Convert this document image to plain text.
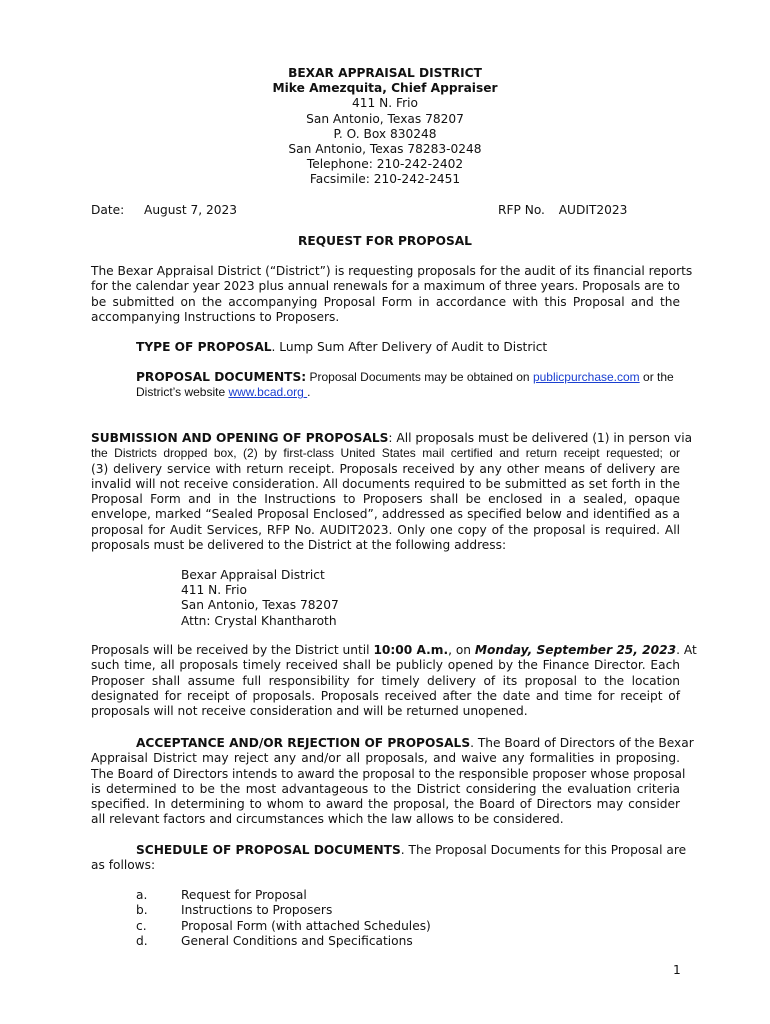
BEXAR APPRAISAL DISTRICT
Mike Amezquita, Chief Appraiser
411 N. Frio
San Antonio, Texas 78207
P. O. Box 830248
San Antonio, Texas 78283-0248
Telephone: 210-242-2402
Facsimile: 210-242-2451
Date: August 7, 2023	RFP No. AUDIT2023
REQUEST FOR PROPOSAL
The Bexar Appraisal District (“District”) is requesting proposals for the audit of its financial reports
for the calendar year 2023 plus annual renewals for a maximum of three years. Proposals are to
be submitted on the accompanying Proposal Form in accordance with this Proposal and the
accompanying Instructions to Proposers.
TYPE OF PROPOSAL. Lump Sum After Delivery of Audit to District
PROPOSAL DOCUMENTS: Proposal Documents may be obtained on publicpurchase.com or the
District’s website www.bcad.org .
SUBMISSION AND OPENING OF PROPOSALS: All proposals must be delivered (1) in person via
the Districts dropped box, (2) by first-class United States mail certified and return receipt requested; or
(3) delivery service with return receipt. Proposals received by any other means of delivery are
invalid will not receive consideration. All documents required to be submitted as set forth in the
Proposal Form and in the Instructions to Proposers shall be enclosed in a sealed, opaque
envelope, marked “Sealed Proposal Enclosed”, addressed as specified below and identified as a
proposal for Audit Services, RFP No. AUDIT2023. Only one copy of the proposal is required. All
proposals must be delivered to the District at the following address:
Bexar Appraisal District
411 N. Frio
San Antonio, Texas 78207
Attn: Crystal Khantharoth
Proposals will be received by the District until 10:00 A.m., on Monday, September 25, 2023. At
such time, all proposals timely received shall be publicly opened by the Finance Director. Each
Proposer shall assume full responsibility for timely delivery of its proposal to the location
designated for receipt of proposals. Proposals received after the date and time for receipt of
proposals will not receive consideration and will be returned unopened.
ACCEPTANCE AND/OR REJECTION OF PROPOSALS. The Board of Directors of the Bexar
Appraisal District may reject any and/or all proposals, and waive any formalities in proposing.
The Board of Directors intends to award the proposal to the responsible proposer whose proposal
is determined to be the most advantageous to the District considering the evaluation criteria
specified. In determining to whom to award the proposal, the Board of Directors may consider
all relevant factors and circumstances which the law allows to be considered.
SCHEDULE OF PROPOSAL DOCUMENTS. The Proposal Documents for this Proposal are
as follows:
a.	Request for Proposal
b.	Instructions to Proposers
c.	Proposal Form (with attached Schedules)
d.	General Conditions and Specifications
1
